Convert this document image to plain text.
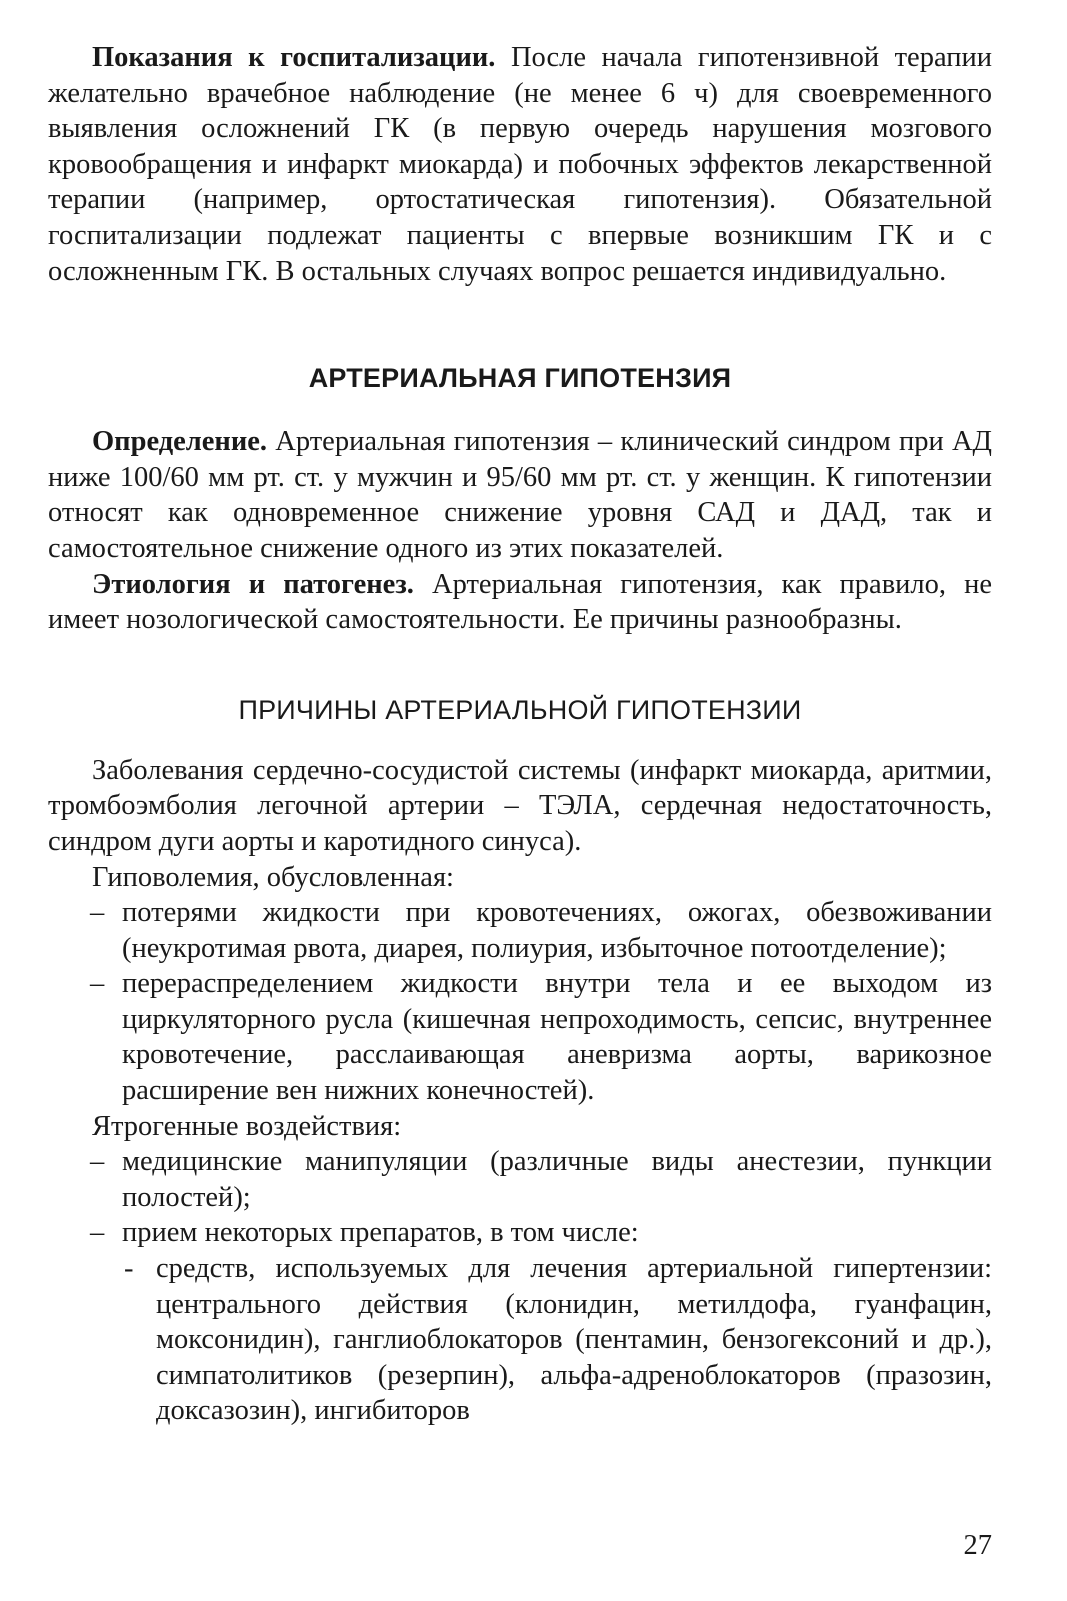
Показания к госпитализации. После начала гипотензивной терапии желательно врачебное наблюдение (не менее 6 ч) для своевременного выявления осложнений ГК (в первую очередь нарушения мозгового кровообращения и инфаркт миокарда) и побочных эффектов лекарственной терапии (например, ортостатическая гипотензия). Обязательной госпитализации подлежат пациенты с впервые возникшим ГК и с осложненным ГК. В остальных случаях вопрос решается индивидуально.

АРТЕРИАЛЬНАЯ ГИПОТЕНЗИЯ

Определение. Артериальная гипотензия – клинический синдром при АД ниже 100/60 мм рт. ст. у мужчин и 95/60 мм рт. ст. у женщин. К гипотензии относят как одновременное снижение уровня САД и ДАД, так и самостоятельное снижение одного из этих показателей.

Этиология и патогенез. Артериальная гипотензия, как правило, не имеет нозологической самостоятельности. Ее причины разнообразны.

ПРИЧИНЫ АРТЕРИАЛЬНОЙ ГИПОТЕНЗИИ

Заболевания сердечно-сосудистой системы (инфаркт миокарда, аритмии, тромбоэмболия легочной артерии – ТЭЛА, сердечная недостаточность, синдром дуги аорты и каротидного синуса).

Гиповолемия, обусловленная:

– потерями жидкости при кровотечениях, ожогах, обезвоживании (неукротимая рвота, диарея, полиурия, избыточное потоотделение);
– перераспределением жидкости внутри тела и ее выходом из циркуляторного русла (кишечная непроходимость, сепсис, внутреннее кровотечение, расслаивающая аневризма аорты, варикозное расширение вен нижних конечностей).

Ятрогенные воздействия:

– медицинские манипуляции (различные виды анестезии, пункции полостей);
– прием некоторых препаратов, в том числе:
- средств, используемых для лечения артериальной гипертензии: центрального действия (клонидин, метилдофа, гуанфацин, моксонидин), ганглиоблокаторов (пентамин, бензогексоний и др.), симпатолитиков (резерпин), альфа-адреноблокаторов (празозин, доксазозин), ингибиторов
27
